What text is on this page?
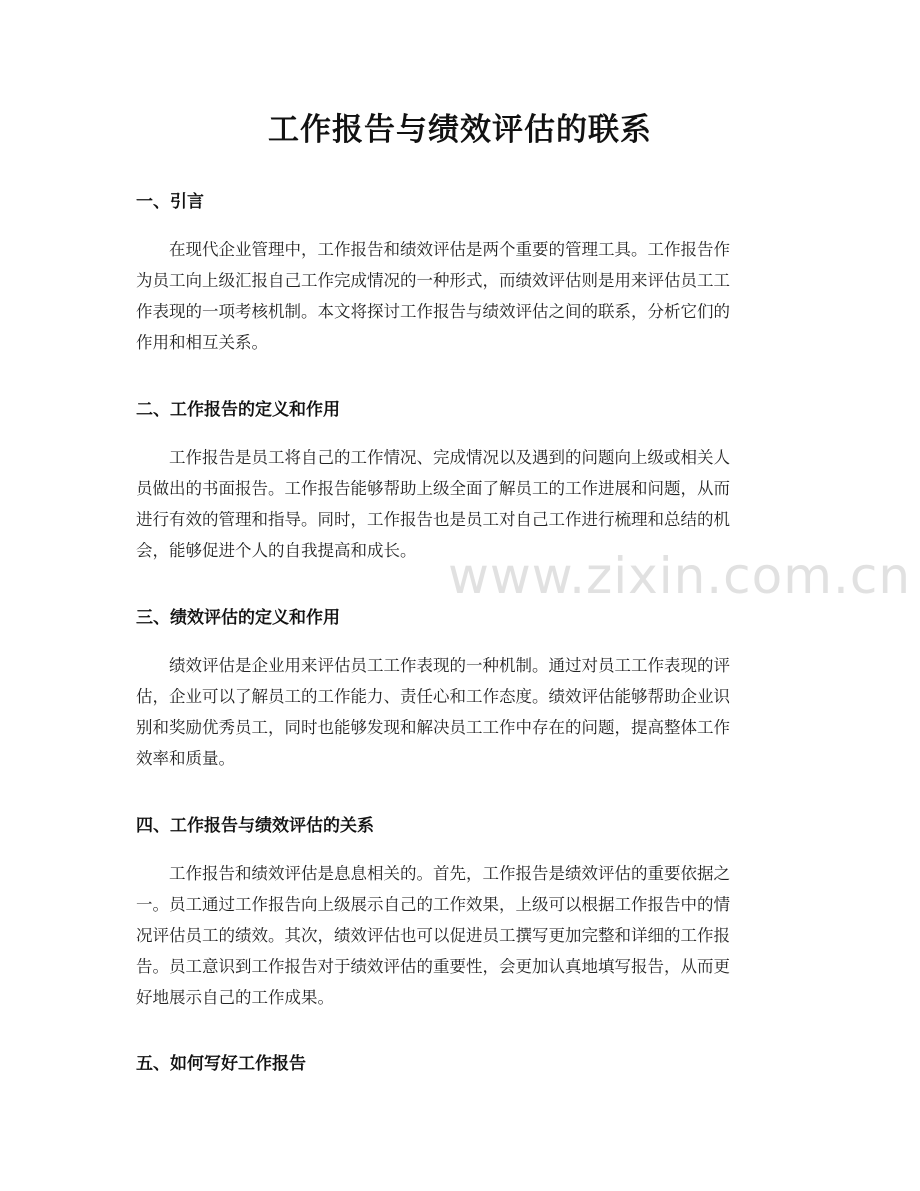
工作报告与绩效评估的联系
一、引言
在现代企业管理中，工作报告和绩效评估是两个重要的管理工具。工作报告作
为员工向上级汇报自己工作完成情况的一种形式，而绩效评估则是用来评估员工工
作表现的一项考核机制。本文将探讨工作报告与绩效评估之间的联系，分析它们的
作用和相互关系。
二、工作报告的定义和作用
工作报告是员工将自己的工作情况、完成情况以及遇到的问题向上级或相关人
员做出的书面报告。工作报告能够帮助上级全面了解员工的工作进展和问题，从而
进行有效的管理和指导。同时，工作报告也是员工对自己工作进行梳理和总结的机
会，能够促进个人的自我提高和成长。
三、绩效评估的定义和作用
绩效评估是企业用来评估员工工作表现的一种机制。通过对员工工作表现的评
估，企业可以了解员工的工作能力、责任心和工作态度。绩效评估能够帮助企业识
别和奖励优秀员工，同时也能够发现和解决员工工作中存在的问题，提高整体工作
效率和质量。
四、工作报告与绩效评估的关系
工作报告和绩效评估是息息相关的。首先，工作报告是绩效评估的重要依据之
一。员工通过工作报告向上级展示自己的工作效果，上级可以根据工作报告中的情
况评估员工的绩效。其次，绩效评估也可以促进员工撰写更加完整和详细的工作报
告。员工意识到工作报告对于绩效评估的重要性，会更加认真地填写报告，从而更
好地展示自己的工作成果。
五、如何写好工作报告
www.zixin.com.cn
